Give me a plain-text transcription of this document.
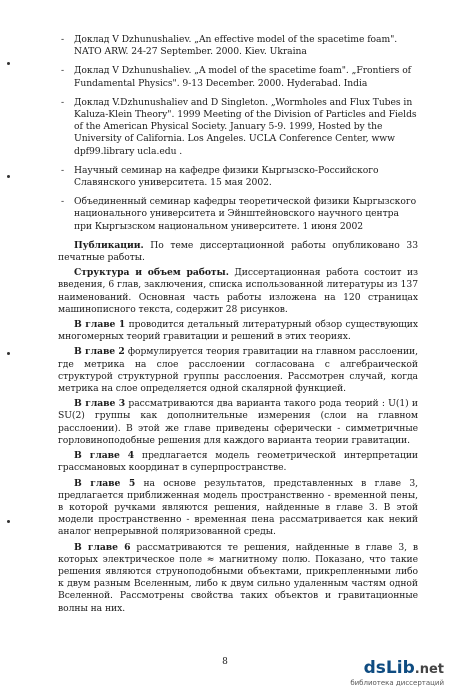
- Доклад V Dzhunushaliev. „An effective model of the spacetime foam". NATO ARW. 24-27 September. 2000. Kiev. Ukraina
- Доклад V Dzhunushaliev. „A model of the spacetime foam". „Frontiers of Fundamental Physics". 9-13 December. 2000. Hyderabad. India
- Доклад V.Dzhunushaliev and D Singleton. „Wormholes and Flux Tubes in Kaluza-Klein Theory". 1999 Meeting of the Division of Particles and Fields of the American Physical Society. January 5-9. 1999, Hosted by the University of California. Los Angeles. UCLA Conference Center, www dpf99.library ucla.edu .
- Научный семинар на кафедре физики Кыргызско-Российского Славянского университета. 15 мая 2002.
- Объединенный семинар кафедры теоретической физики Кыргызского национального университета и Эйнштейновского научного центра при Кыргызском национальном университете. 1 июня 2002

Публикации. По теме диссертационной работы опубликовано 33 печатные работы.

Структура и объем работы. Диссертационная работа состоит из введения, 6 глав, заключения, списка использованной литературы из 137 наименований. Основная часть работы изложена на 120 страницах машинописного текста, содержит 28 рисунков.

В главе 1 проводится детальный литературный обзор существующих многомерных теорий гравитации и решений в этих теориях.

В главе 2 формулируется теория гравитации на главном расслоении, где метрика на слое расслоении согласована с алгебраической структурой структурной группы расслоения. Рассмотрен случай, когда метрика на слое определяется одной скалярной функцией.

В главе 3 рассматриваются два варианта такого рода теорий : U(1) и SU(2) группы как дополнительные измерения (слои на главном расслоении). В этой же главе приведены сферически - симметричные горловиноподобные решения для каждого варианта теории гравитации.

В главе 4 предлагается модель геометрической интерпретации грассмановых координат в суперпространстве.

В главе 5 на основе результатов, представленных в главе 3, предлагается приближенная модель пространственно - временной пены, в которой ручками являются решения, найденные в главе 3. В этой модели пространственно - временная пена рассматривается как некий аналог непрерывной поляризованной среды.

В главе 6 рассматриваются те решения, найденные в главе 3, в которых электрическое поле ≈ магнитному полю. Показано, что такие решения являются струноподобными объектами, прикрепленными либо к двум разным Вселенным, либо к двум сильно удаленным частям одной Вселенной. Рассмотрены свойства таких объектов и гравитационные волны на них.

8	dsLib.net
библиотека диссертаций
